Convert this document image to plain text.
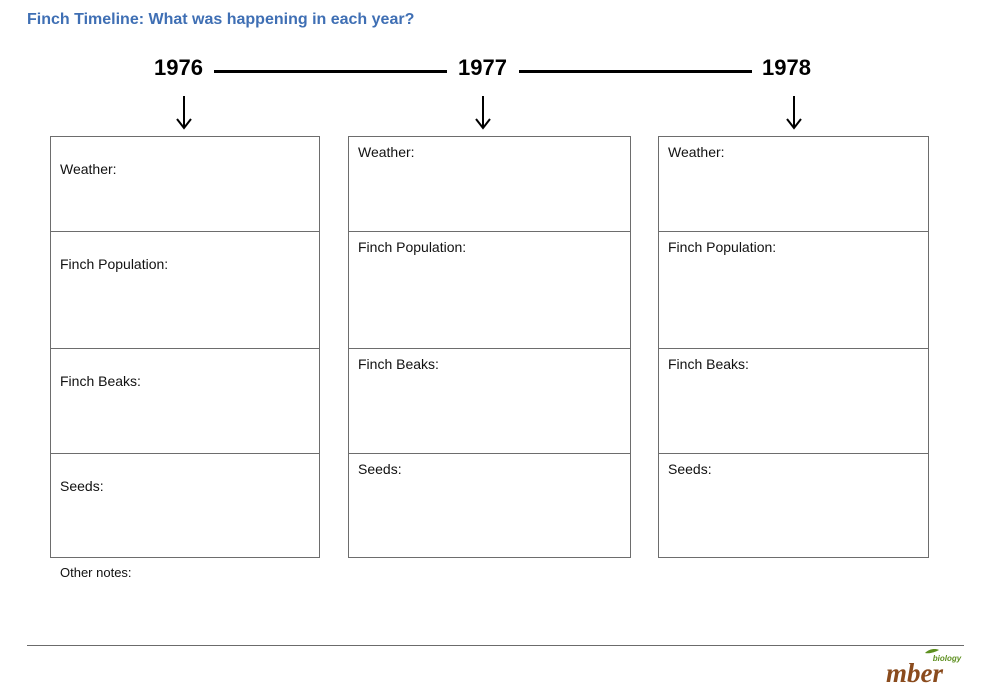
Finch Timeline: What was happening in each year?
1976	1977	1978
Weather:
Finch Population:
Finch Beaks:
Seeds:
Weather:
Finch Population:
Finch Beaks:
Seeds:
Weather:
Finch Population:
Finch Beaks:
Seeds:
Other notes:
biology
mber
